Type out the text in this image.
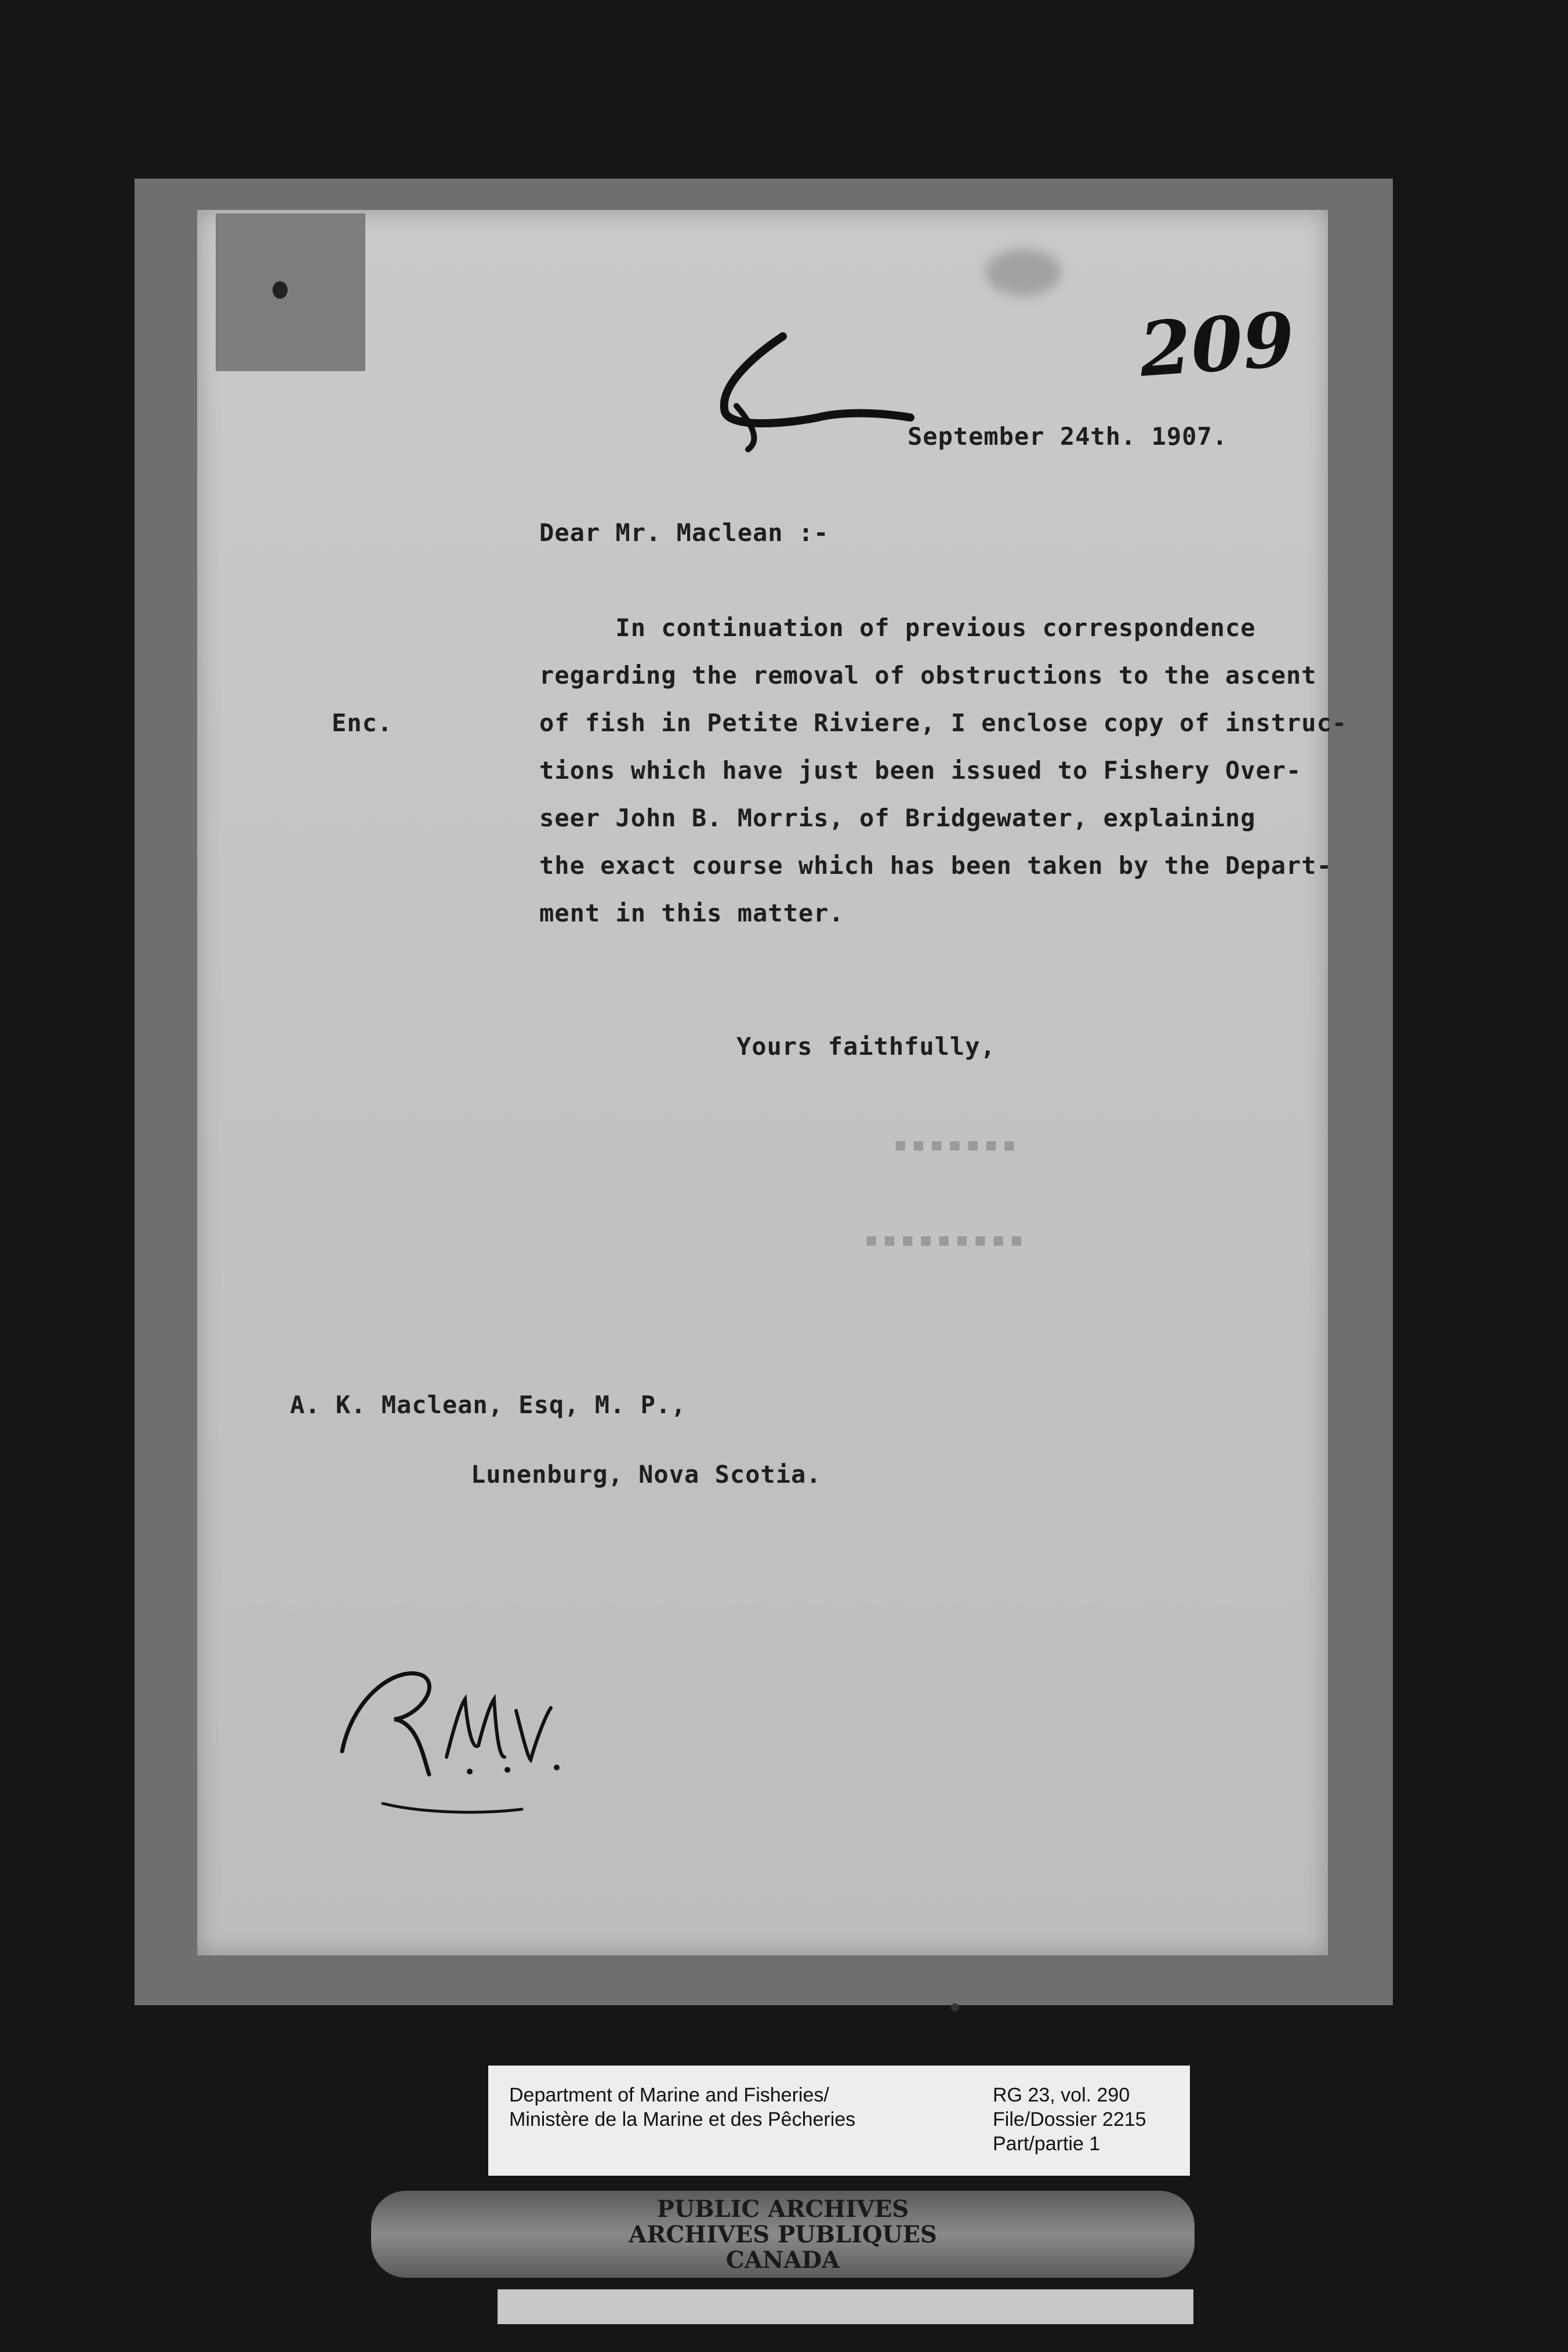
209
September 24th. 1907.
Dear Mr. Maclean :-
Enc.
In continuation of previous correspondence
regarding the removal of obstructions to the ascent
of fish in Petite Riviere, I enclose copy of instruc-
tions which have just been issued to Fishery Over-
seer John B. Morris, of Bridgewater, explaining
the exact course which has been taken by the Depart-
ment in this matter.
Yours faithfully,
▪▪▪▪▪▪▪
▪▪▪▪▪▪▪▪▪
A. K. Maclean, Esq, M. P.,
Lunenburg, Nova Scotia.
Department of Marine and Fisheries/
Ministère de la Marine et des Pêcheries
RG 23, vol. 290
File/Dossier 2215
Part/partie 1
PUBLIC ARCHIVES
ARCHIVES PUBLIQUES
CANADA
